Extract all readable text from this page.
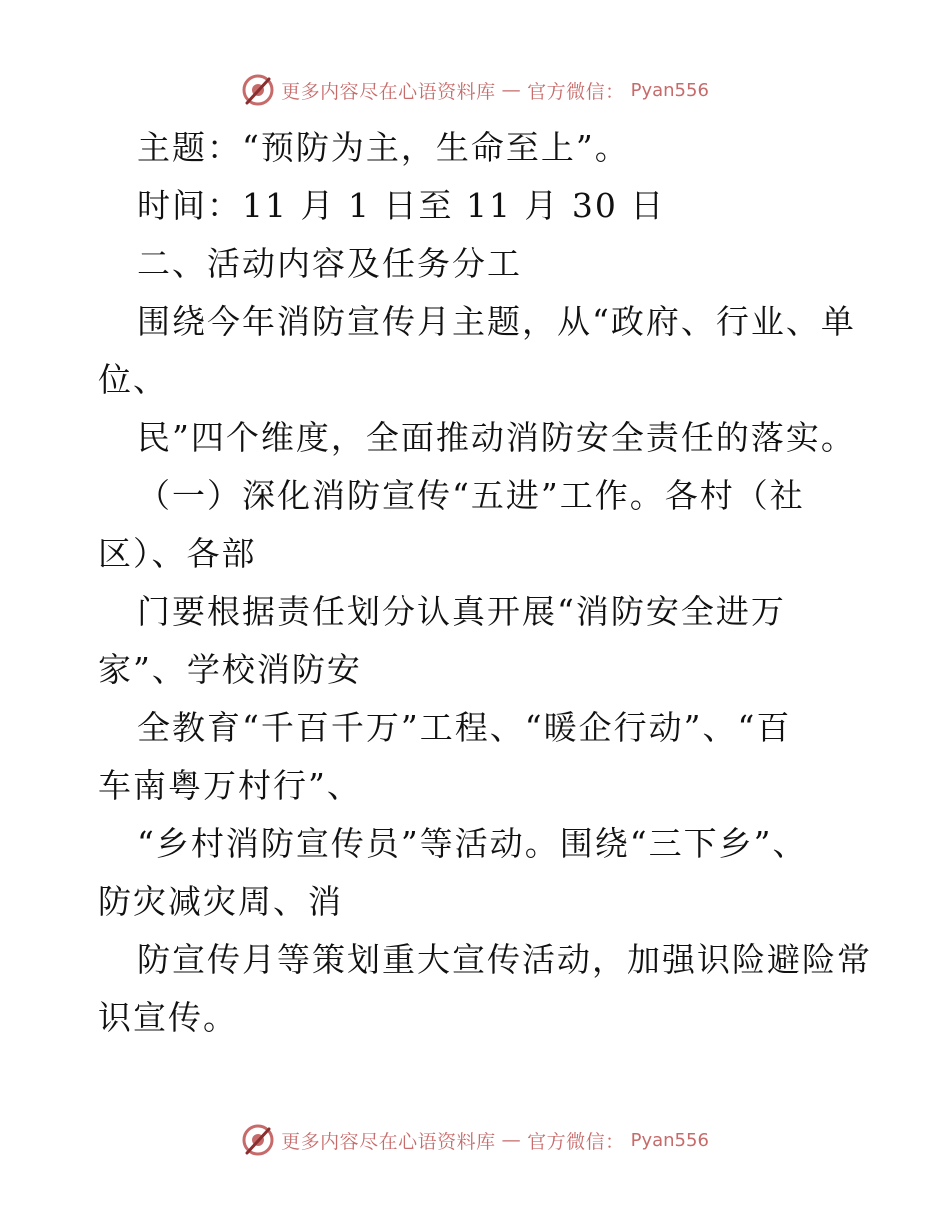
更多内容尽在心语资料库 — 官方微信： Pyan556
主题：“预防为主，生命至上”。
时间：11 月 1 日至 11 月 30 日
二、活动内容及任务分工
围绕今年消防宣传月主题，从“政府、行业、单
位、
民”四个维度，全面推动消防安全责任的落实。
（一）深化消防宣传“五进”工作。各村（社
区）、各部
门要根据责任划分认真开展“消防安全进万
家”、学校消防安
全教育“千百千万”工程、“暖企行动”、“百
车南粤万村行”、
“乡村消防宣传员”等活动。围绕“三下乡”、
防灾减灾周、消
防宣传月等策划重大宣传活动，加强识险避险常
识宣传。
更多内容尽在心语资料库 — 官方微信： Pyan556
